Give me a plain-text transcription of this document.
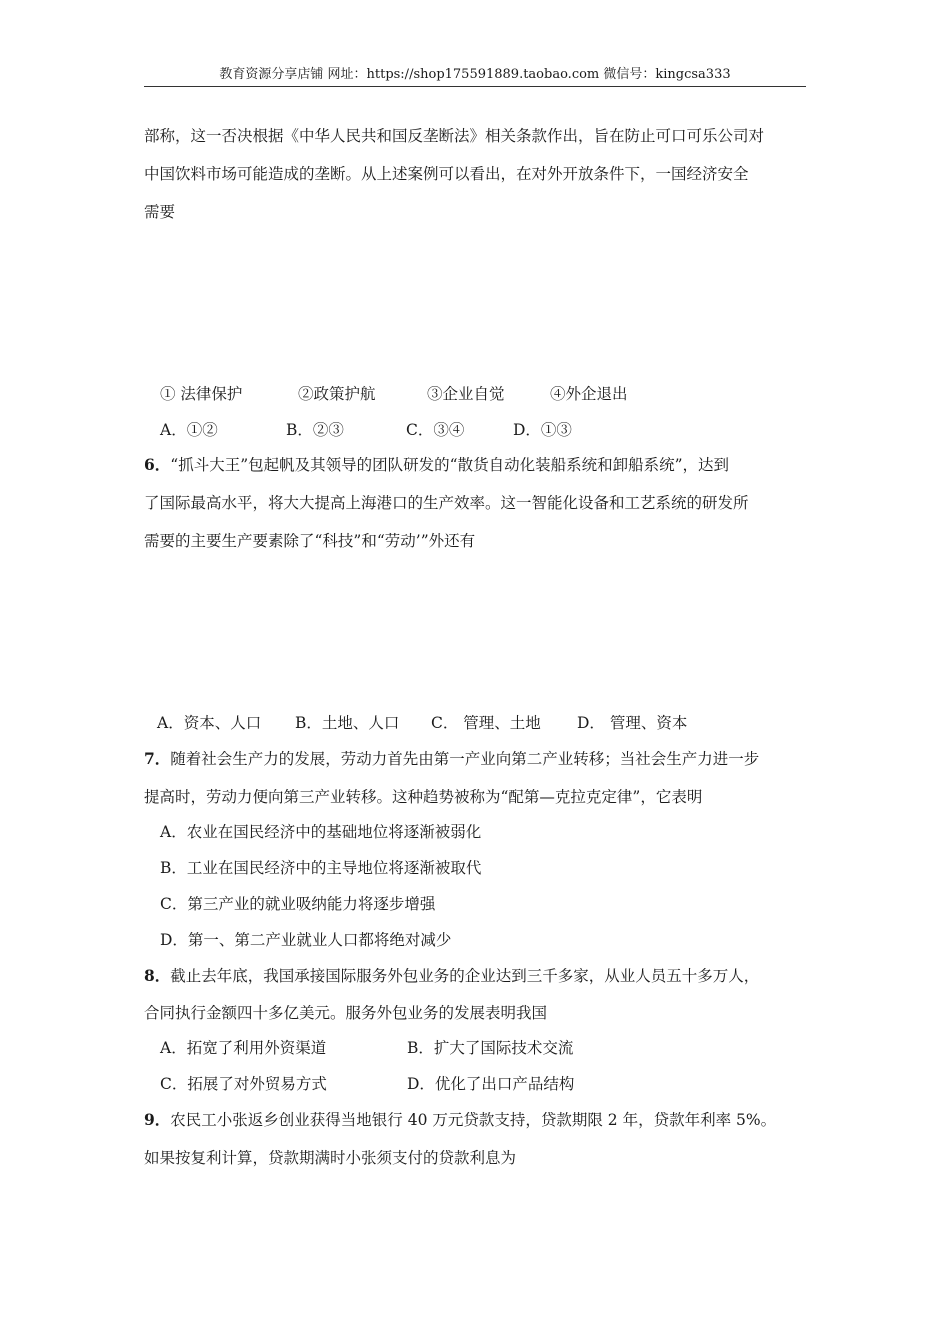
教育资源分享店铺 网址：https://shop175591889.taobao.com 微信号：kingcsa333
部称，这一否决根据《中华人民共和国反垄断法》相关条款作出，旨在防止可口可乐公司对
中国饮料市场可能造成的垄断。从上述案例可以看出，在对外开放条件下，一国经济安全
需要
① 法律保护	②政策护航	③企业自觉	④外企退出
A．①②	B．②③	C．③④	D．①③
6．“抓斗大王”包起帆及其领导的团队研发的“散货自动化装船系统和卸船系统”，达到
了国际最高水平，将大大提高上海港口的生产效率。这一智能化设备和工艺系统的研发所
需要的主要生产要素除了“科技”和“劳动’”外还有
A．资本、人口 B．土地、人口 C． 管理、土地 D． 管理、资本
7．随着社会生产力的发展，劳动力首先由第一产业向第二产业转移；当社会生产力进一步
提高时，劳动力便向第三产业转移。这种趋势被称为“配第—克拉克定律”，它表明
A．农业在国民经济中的基础地位将逐渐被弱化
B．工业在国民经济中的主导地位将逐渐被取代
C．第三产业的就业吸纳能力将逐步增强
D．第一、第二产业就业人口都将绝对减少
8．截止去年底，我国承接国际服务外包业务的企业达到三千多家，从业人员五十多万人，
合同执行金额四十多亿美元。服务外包业务的发展表明我国
A．拓宽了利用外资渠道	B．扩大了国际技术交流
C．拓展了对外贸易方式	D．优化了出口产品结构
9．农民工小张返乡创业获得当地银行 40 万元贷款支持，贷款期限 2 年，贷款年利率 5%。
如果按复利计算，贷款期满时小张须支付的贷款利息为
